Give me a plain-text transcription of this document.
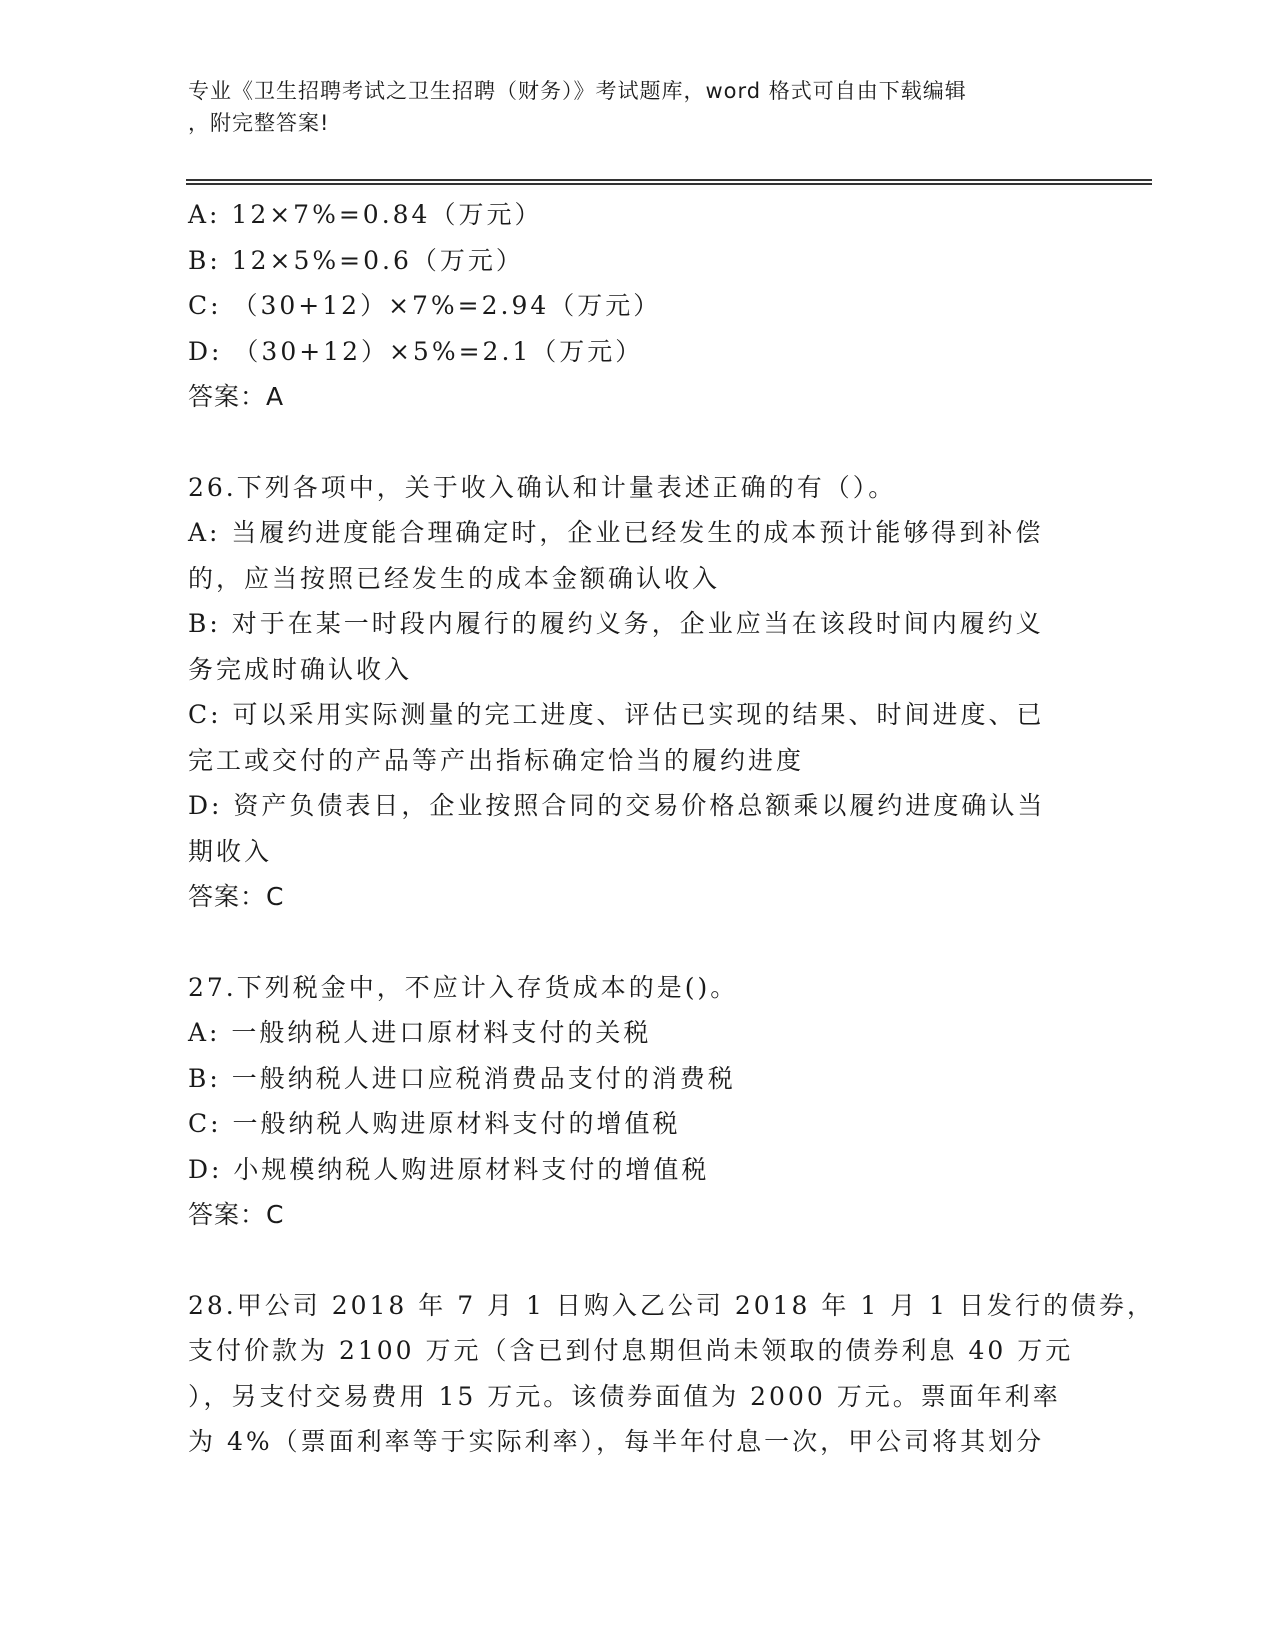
专业《卫生招聘考试之卫生招聘（财务）》考试题库，word 格式可自由下载编辑
，附完整答案!
A: 12×7%=0.84（万元）
B: 12×5%=0.6（万元）
C: （30+12）×7%=2.94（万元）
D: （30+12）×5%=2.1（万元）
答案：A
26.下列各项中，关于收入确认和计量表述正确的有（）。
A: 当履约进度能合理确定时，企业已经发生的成本预计能够得到补偿
的，应当按照已经发生的成本金额确认收入
B: 对于在某一时段内履行的履约义务，企业应当在该段时间内履约义
务完成时确认收入
C: 可以采用实际测量的完工进度、评估已实现的结果、时间进度、已
完工或交付的产品等产出指标确定恰当的履约进度
D: 资产负债表日，企业按照合同的交易价格总额乘以履约进度确认当
期收入
答案：C
27.下列税金中，不应计入存货成本的是()。
A: 一般纳税人进口原材料支付的关税
B: 一般纳税人进口应税消费品支付的消费税
C: 一般纳税人购进原材料支付的增值税
D: 小规模纳税人购进原材料支付的增值税
答案：C
28.甲公司 2018 年 7 月 1 日购入乙公司 2018 年 1 月 1 日发行的债券，
支付价款为 2100 万元（含已到付息期但尚未领取的债券利息 40 万元
），另支付交易费用 15 万元。该债券面值为 2000 万元。票面年利率
为 4%（票面利率等于实际利率），每半年付息一次，甲公司将其划分
